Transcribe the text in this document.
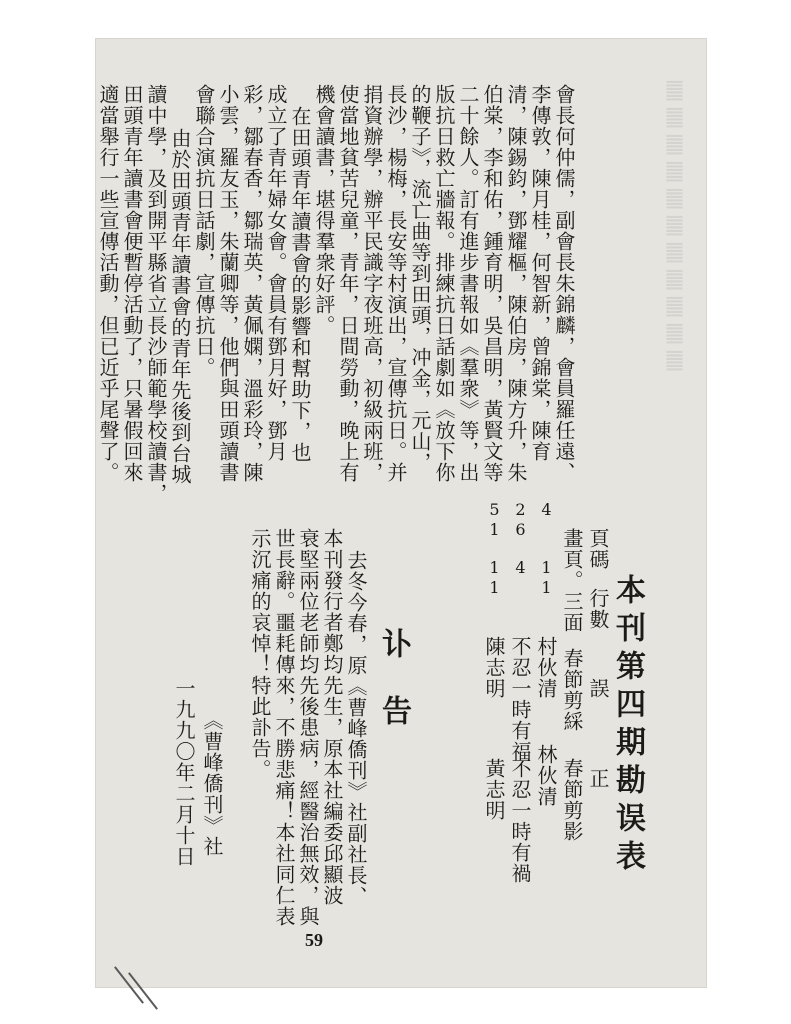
䷀䷀䷀䷀䷀䷀䷀䷀䷀䷀䷀
會長何仲儒，副會長朱錦麟，會員羅任遠、
李傳敦，陳月桂，何智新，曾錦棠，陳育
清，陳錫鈞，鄧耀樞，陳伯房，陳方升，朱
伯棠，李和佑，鍾育明，吳昌明，黃賢文等
二十餘人。訂有進步書報如《羣衆》等，出
版抗日救亡牆報。排練抗日話劇如《放下你
的鞭子》，流亡曲等到田頭，冲金，元山，
長沙，楊梅，長安等村演出，宣傳抗日。并
捐資辦學，辦平民識字夜班高，初級兩班，
使當地貧苦兒童，青年，日間勞動，晚上有
機會讀書，堪得羣衆好評。
在田頭青年讀書會的影響和幫助下，也
成立了青年婦女會。會員有鄧月好，鄧月
彩，鄒春香，鄒瑞英，黃佩嫻，溫彩玲，陳
小雲，羅友玉，朱蘭卿等，他們與田頭讀書
會聯合演抗日話劇，宣傳抗日。
由於田頭青年讀書會的青年先後到台城
讀中學，及到開平縣省立長沙師範學校讀書，
田頭青年讀書會便暫停活動了，只暑假回來
適當舉行一些宣傳活動，但已近乎尾聲了。
本刊第四期勘误表
頁碼
行數
誤
正
畫頁。三面
春節剪綵
春節剪影
4
11
村伙清
林伙清
26
4
不忍一時有福
不忍一時有禍
51
11
陳志明
黃志明
讣 告
去冬今春，原《曹峰僑刊》社副社長、
本刊發行者鄭均先生，原本社編委邱顯波
衰堅兩位老師均先後患病，經醫治無效，與
世長辭。噩耗傳來，不勝悲痛！本社同仁表
示沉痛的哀悼！特此訃告。
《曹峰僑刊》社
一九九〇年二月十日
59
